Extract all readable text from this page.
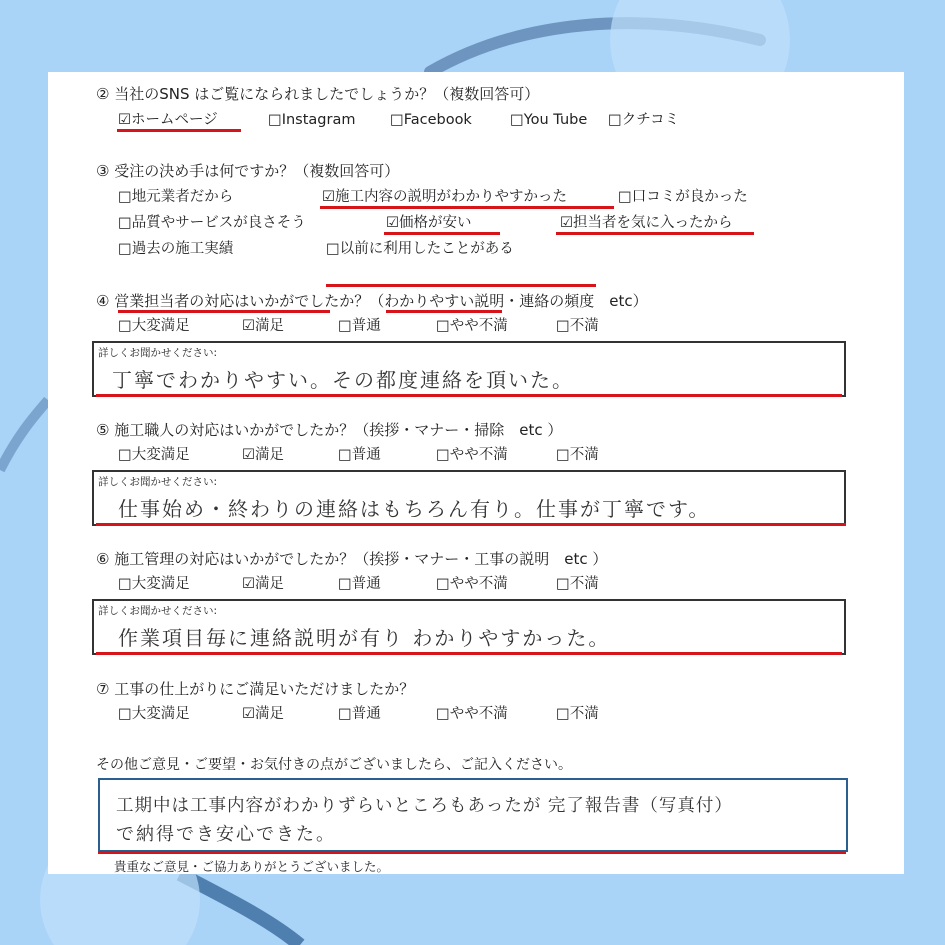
② 当社のSNS はご覧になられましたでしょうか？（複数回答可）
☑ホームページ	□Instagram □Facebook	□You Tube □クチコミ
③ 受注の決め手は何ですか？（複数回答可）
□地元業者だから	☑施工内容の説明がわかりやすかった	□口コミが良かった
□品質やサービスが良さそう	☑価格が安い	☑担当者を気に入ったから
□過去の施工実績	□以前に利用したことがある
④ 営業担当者の対応はいかがでしたか？（わかりやすい説明・連絡の頻度　etc）
□大変満足	☑満足	□普通	□やや不満	□不満
詳しくお聞かせください:
丁寧でわかりやすい。その都度連絡を頂いた。
⑤ 施工職人の対応はいかがでしたか？（挨拶・マナー・掃除　etc ）
□大変満足	☑満足	□普通	□やや不満	□不満
詳しくお聞かせください:
仕事始め・終わりの連絡はもちろん有り。仕事が丁寧です。
⑥ 施工管理の対応はいかがでしたか？（挨拶・マナー・工事の説明　etc ）
□大変満足	☑満足	□普通	□やや不満	□不満
詳しくお聞かせください:
作業項目毎に連絡説明が有り わかりやすかった。
⑦ 工事の仕上がりにご満足いただけましたか？
□大変満足	☑満足	□普通	□やや不満	□不満
その他ご意見・ご要望・お気付きの点がございましたら、ご記入ください。
工期中は工事内容がわかりずらいところもあったが 完了報告書（写真付）
で納得でき安心できた。
貴重なご意見・ご協力ありがとうございました。
